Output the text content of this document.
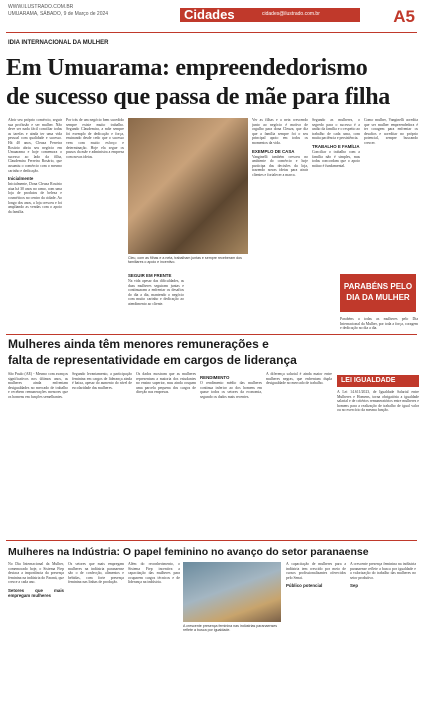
WWW.ILUSTRADO.COM.BR
UMUARAMA, SÁBADO, 9 de Março de 2024	Cidades	cidades@ilustrado.com.br	A5
IDIA INTERNACIONAL DA MULHER
Em Umuarama: empreendedorismo
de sucesso que passa de mãe para filha
Abrir seu próprio comércio, seguir sua profissão e ser mulher. Não deve ser nada fácil conciliar todas as tarefas e ainda ter uma vida pessoal com qualidade e sucesso. Há 40 anos, Cleuza Ferreira Rosário abriu seu negócio em Umuarama e hoje comemora o sucesso ao lado da filha, Claudemira Ferreira Rosário, que assumiu o comércio com o mesmo carinho e dedicação.
Inicialmente
Inicialmente, Dona Cleuza Rosário atua há 30 anos no ramo, com uma loja de produtos de beleza e cosméticos no centro da cidade. Ao longo dos anos, a loja cresceu e foi ampliando as vendas com o apoio da família.
Por trás de um negócio bem sucedido sempre existe muito trabalho. Segundo Claudemira, a mãe sempre foi exemplo de dedicação e força, ensinando desde cedo que o sucesso vem com muito esforço e determinação. Hoje ela segue os passos da mãe e administra a empresa com novas ideias.
Cleu, com as filhas e a neta, trabalham juntas e sempre receberam dos familiares o apoio e incentivo.
SEGUIR EM FRENTE
Na vida apesar das dificuldades, as duas mulheres seguiram juntas e continuaram a enfrentar os desafios do dia a dia, mantendo o negócio com muito carinho e dedicação ao atendimento ao cliente.
Ver as filhas e a neta crescendo junto ao negócio é motivo de orgulho para dona Cleuza, que diz que a família sempre foi o seu principal apoio em todos os momentos da vida.
EXEMPLO DE CASA
Vanginelli também cresceu no ambiente do comércio e hoje participa das decisões da loja, trazendo novas ideias para atrair clientes e fortalecer a marca.
Segundo as mulheres, o segredo para o sucesso é a união da família e o respeito ao trabalho de cada uma, com muita paciência e persistência.
TRABALHO E FAMÍLIA
Conciliar o trabalho com a família não é simples, mas todas concordam que o apoio mútuo é fundamental.
Como mulher, Vanginelli acredita que ser mulher empreendedora é ter coragem para enfrentar os desafios e acreditar no próprio potencial, sempre buscando crescer.
PARABÉNS PELO
DIA DA MULHER
Parabéns a todas as mulheres pelo Dia Internacional da Mulher, por toda a força, coragem e dedicação no dia a dia.
Mulheres ainda têm menores remunerações e
falta de representatividade em cargos de liderança
São Paulo (AE) - Mesmo com avanços significativos nos últimos anos, as mulheres ainda enfrentam desigualdades no mercado de trabalho e recebem remunerações menores que os homens em funções semelhantes.
Segundo levantamento, a participação feminina em cargos de liderança ainda é baixa, apesar do aumento do nível de escolaridade das mulheres.
Os dados mostram que as mulheres representam a maioria dos estudantes no ensino superior, mas ainda ocupam uma parcela pequena dos cargos de direção nas empresas.
RENDIMENTO
O rendimento médio das mulheres continua inferior ao dos homens em quase todos os setores da economia, segundo os dados mais recentes.
A diferença salarial é ainda maior entre mulheres negras, que enfrentam dupla desigualdade no mercado de trabalho.	LEI IGUALDADE
A Lei 14.611/2023, de Igualdade Salarial entre Mulheres e Homens, torna obrigatória a igualdade salarial e de critérios remuneratórios entre mulheres e homens para a realização de trabalho de igual valor ou no exercício da mesma função.
Mulheres na Indústria: O papel feminino no avanço do setor paranaense
No Dia Internacional da Mulher, comemorado hoje, o Sistema Fiep destaca a importância da presença feminina na indústria do Paraná, que cresce a cada ano.
Setores que mais empregam mulheres
Os setores que mais empregam mulheres na indústria paranaense são o de confecção, alimentos e bebidas, com forte presença feminina nas linhas de produção.
Além do reconhecimento, o Sistema Fiep incentiva a capacitação das mulheres para ocuparem cargos técnicos e de liderança na indústria.
A crescente presença feminina nas indústrias paranaenses reflete a busca por igualdade.
A capacitação de mulheres para a indústria tem crescido por meio de cursos profissionalizantes oferecidos pelo Senai.
Público potencial
A crescente presença feminina na indústria paranaense reflete a busca por igualdade e a valorização do trabalho das mulheres no setor produtivo.
Sep
